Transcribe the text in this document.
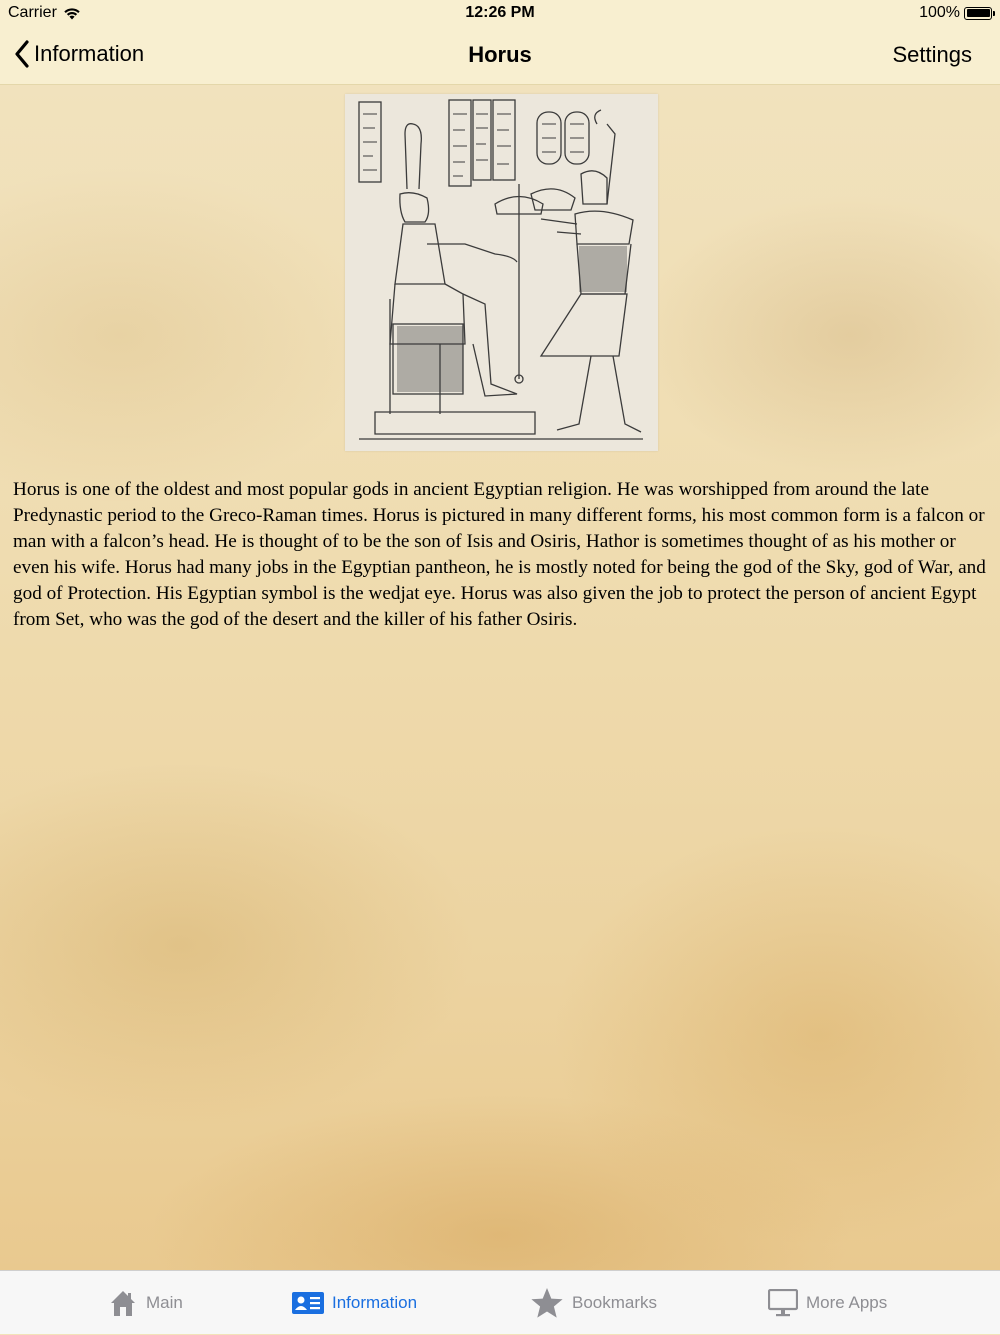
Carrier	12:26 PM	100%
Information	Horus	Settings

Horus is one of the oldest and most popular gods in ancient Egyptian religion. He was worshipped from around the late Predynastic period to the Greco-Raman times. Horus is pictured in many different forms, his most common form is a falcon or man with a falcon’s head. He is thought of to be the son of Isis and Osiris, Hathor is sometimes thought of as his mother or even his wife. Horus had many jobs in the Egyptian pantheon, he is mostly noted for being the god of the Sky, god of War, and god of Protection. His Egyptian symbol is the wedjat eye. Horus was also given the job to protect the person of ancient Egypt from Set, who was the god of the desert and the killer of his father Osiris.

Main	Information	Bookmarks	More Apps
